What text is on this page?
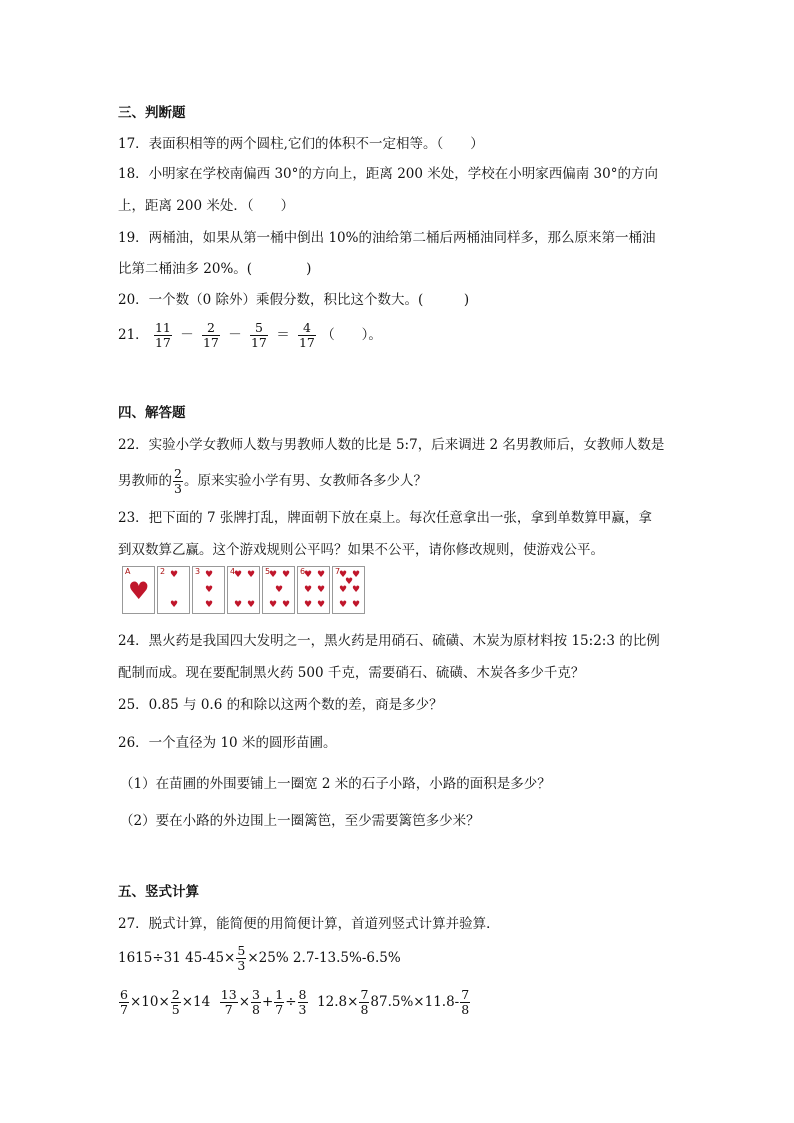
三、判断题
17．表面积相等的两个圆柱,它们的体积不一定相等。（　　）
18．小明家在学校南偏西 30°的方向上，距离 200 米处，学校在小明家西偏南 30°的方向
上，距离 200 米处．（　　）
19．两桶油，如果从第一桶中倒出 10%的油给第二桶后两桶油同样多，那么原来第一桶油
比第二桶油多 20%。(　　　　)
20．一个数（0 除外）乘假分数，积比这个数大。(　　　)
21． $\frac{11}{17} - \frac{2}{17} - \frac{5}{17} = \frac{4}{17}$ （　　）。
四、解答题
22．实验小学女教师人数与男教师人数的比是 5:7，后来调进 2 名男教师后，女教师人数是
男教师的 $\frac{2}{3}$ 。原来实验小学有男、女教师各多少人？
23．把下面的 7 张牌打乱，牌面朝下放在桌上。每次任意拿出一张，拿到单数算甲赢，拿
到双数算乙赢。这个游戏规则公平吗？如果不公平，请你修改规则，使游戏公平。
A
♥
2 ♥
♥
3 ♥
♥
♥
4
♥ ♥
♥ ♥
5
♥ ♥
♥
♥ ♥
6
♥ ♥
♥ ♥
♥ ♥
7
♥ ♥
♥
♥ ♥
♥ ♥
24．黑火药是我国四大发明之一，黑火药是用硝石、硫磺、木炭为原材料按 15:2:3 的比例
配制而成。现在要配制黑火药 500 千克，需要硝石、硫磺、木炭各多少千克？
25．0.85 与 0.6 的和除以这两个数的差，商是多少？
26．一个直径为 10 米的圆形苗圃。
（1）在苗圃的外围要铺上一圈宽 2 米的石子小路，小路的面积是多少？
（2）要在小路的外边围上一圈篱笆，至少需要篱笆多少米？
五、竖式计算
27．脱式计算，能简便的用简便计算，首道列竖式计算并验算．
1615÷31 $45-45\times \frac{5}{3} \times 25\%$ 2.7-13.5%-6.5%
$\frac{6}{7} \times 10\times \frac{2}{5} \times 14 \frac{13}{7} \times \frac{3}{8} + \frac{1}{7} \div \frac{8}{3} 12.8\times \frac{7}{8} 87.5\%\times 11.8- \frac{7}{8}$
